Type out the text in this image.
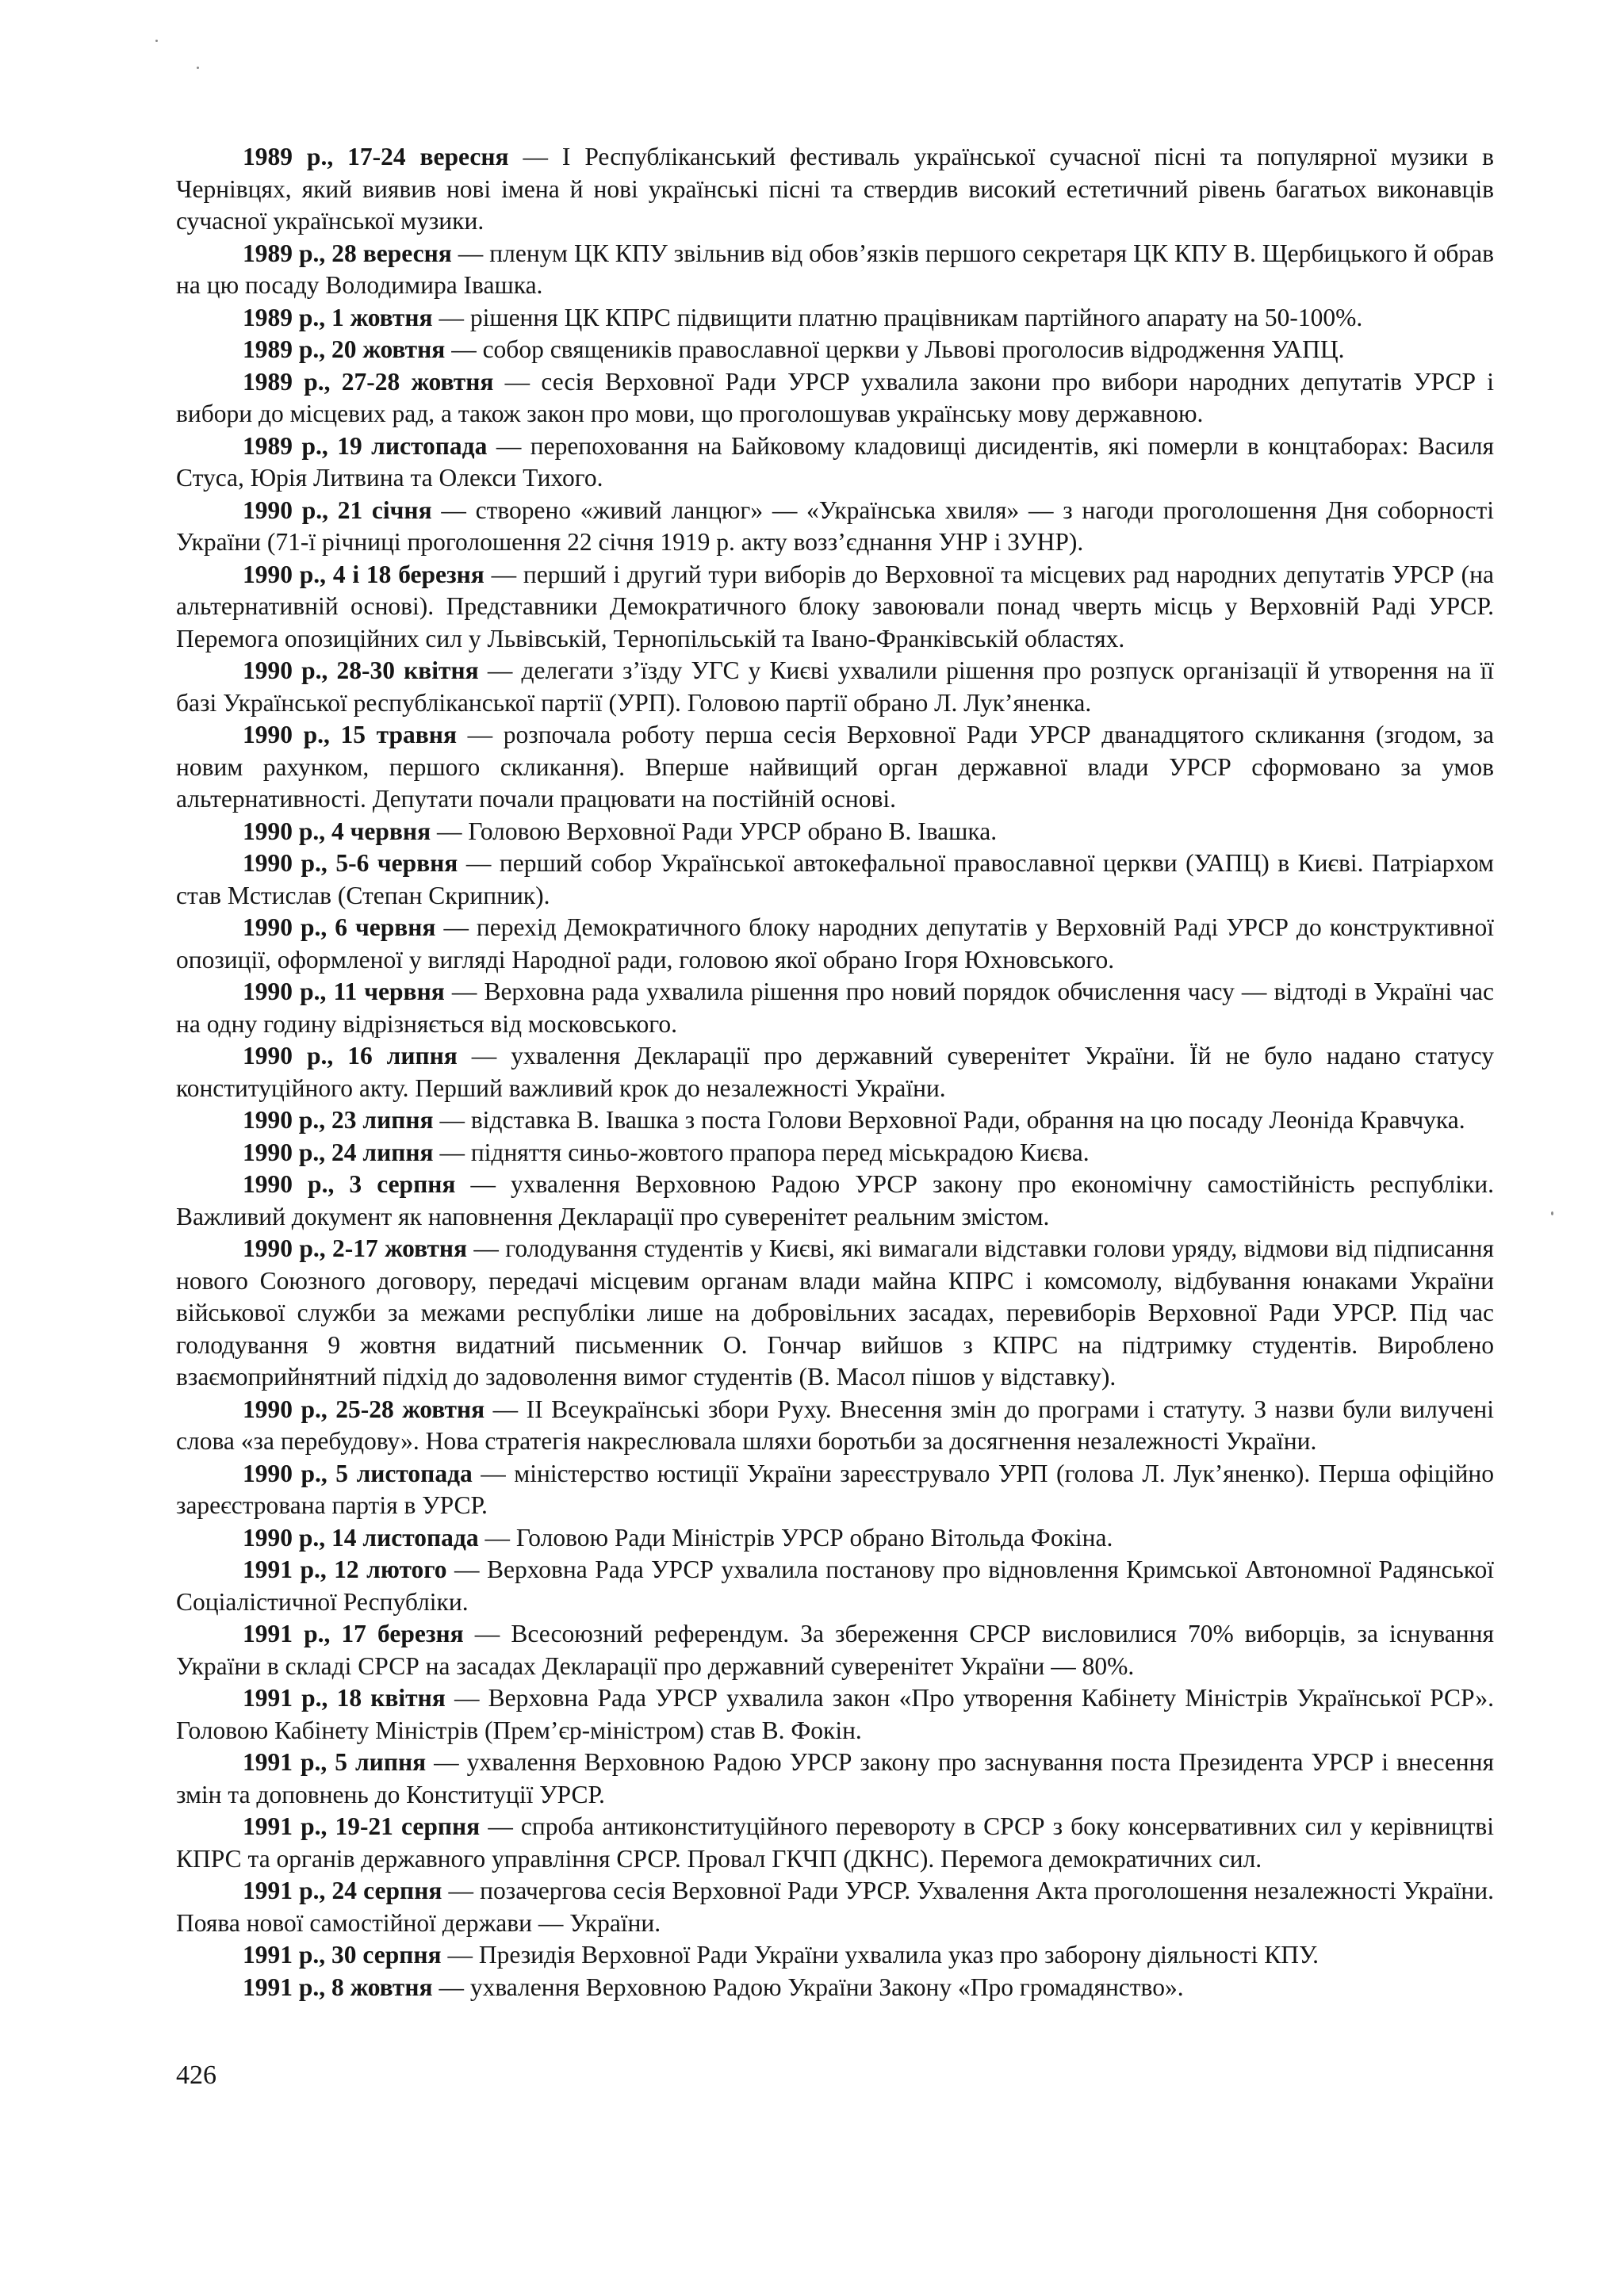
1989 р., 17-24 вересня — I Республіканський фестиваль української сучасної пісні та популярної музики в Чернівцях, який виявив нові імена й нові українські пісні та ствердив високий естетичний рівень багатьох виконавців сучасної української музики.

1989 р., 28 вересня — пленум ЦК КПУ звільнив від обов’язків першого секретаря ЦК КПУ В. Щербицького й обрав на цю посаду Володимира Івашка.

1989 р., 1 жовтня — рішення ЦК КПРС підвищити платню працівникам партійного апарату на 50-100%.

1989 р., 20 жовтня — собор священиків православної церкви у Львові проголосив відродження УАПЦ.

1989 р., 27-28 жовтня — сесія Верховної Ради УРСР ухвалила закони про вибори народних депутатів УРСР і вибори до місцевих рад, а також закон про мови, що проголошував українську мову державною.

1989 р., 19 листопада — перепоховання на Байковому кладовищі дисидентів, які померли в концтаборах: Василя Стуса, Юрія Литвина та Олекси Тихого.

1990 р., 21 січня — створено «живий ланцюг» — «Українська хвиля» — з нагоди проголошення Дня соборності України (71-ї річниці проголошення 22 січня 1919 р. акту возз’єднання УНР і ЗУНР).

1990 р., 4 і 18 березня — перший і другий тури виборів до Верховної та місцевих рад народних депутатів УРСР (на альтернативній основі). Представники Демократичного блоку завоювали понад чверть місць у Верховній Раді УРСР. Перемога опозиційних сил у Львівській, Тернопільській та Івано-Франківській областях.

1990 р., 28-30 квітня — делегати з’їзду УГС у Києві ухвалили рішення про розпуск організації й утворення на її базі Української республіканської партії (УРП). Головою партії обрано Л. Лук’яненка.

1990 р., 15 травня — розпочала роботу перша сесія Верховної Ради УРСР дванадцятого скликання (згодом, за новим рахунком, першого скликання). Вперше найвищий орган державної влади УРСР сформовано за умов альтернативності. Депутати почали працювати на постійній основі.

1990 р., 4 червня — Головою Верховної Ради УРСР обрано В. Івашка.

1990 р., 5-6 червня — перший собор Української автокефальної православної церкви (УАПЦ) в Києві. Патріархом став Мстислав (Степан Скрипник).

1990 р., 6 червня — перехід Демократичного блоку народних депутатів у Верховній Раді УРСР до конструктивної опозиції, оформленої у вигляді Народної ради, головою якої обрано Ігоря Юхновського.

1990 р., 11 червня — Верховна рада ухвалила рішення про новий порядок обчислення часу — відтоді в Україні час на одну годину відрізняється від московського.

1990 р., 16 липня — ухвалення Декларації про державний суверенітет України. Їй не було надано статусу конституційного акту. Перший важливий крок до незалежності України.

1990 р., 23 липня — відставка В. Івашка з поста Голови Верховної Ради, обрання на цю посаду Леоніда Кравчука.

1990 р., 24 липня — підняття синьо-жовтого прапора перед міськрадою Києва.

1990 р., 3 серпня — ухвалення Верховною Радою УРСР закону про економічну самостійність республіки. Важливий документ як наповнення Декларації про суверенітет реальним змістом.

1990 р., 2-17 жовтня — голодування студентів у Києві, які вимагали відставки голови уряду, відмови від підписання нового Союзного договору, передачі місцевим органам влади майна КПРС і комсомолу, відбування юнаками України військової служби за межами республіки лише на добровільних засадах, перевиборів Верховної Ради УРСР. Під час голодування 9 жовтня видатний письменник О. Гончар вийшов з КПРС на підтримку студентів. Вироблено взаємоприйнятний підхід до задоволення вимог студентів (В. Масол пішов у відставку).

1990 р., 25-28 жовтня — II Всеукраїнські збори Руху. Внесення змін до програми і статуту. З назви були вилучені слова «за перебудову». Нова стратегія накреслювала шляхи боротьби за досягнення незалежності України.

1990 р., 5 листопада — міністерство юстиції України зареєструвало УРП (голова Л. Лук’яненко). Перша офіційно зареєстрована партія в УРСР.

1990 р., 14 листопада — Головою Ради Міністрів УРСР обрано Вітольда Фокіна.

1991 р., 12 лютого — Верховна Рада УРСР ухвалила постанову про відновлення Кримської Автономної Радянської Соціалістичної Республіки.

1991 р., 17 березня — Всесоюзний референдум. За збереження СРСР висловилися 70% виборців, за існування України в складі СРСР на засадах Декларації про державний суверенітет України — 80%.

1991 р., 18 квітня — Верховна Рада УРСР ухвалила закон «Про утворення Кабінету Міністрів Української РСР». Головою Кабінету Міністрів (Прем’єр-міністром) став В. Фокін.

1991 р., 5 липня — ухвалення Верховною Радою УРСР закону про заснування поста Президента УРСР і внесення змін та доповнень до Конституції УРСР.

1991 р., 19-21 серпня — спроба антиконституційного перевороту в СРСР з боку консервативних сил у керівництві КПРС та органів державного управління СРСР. Провал ГКЧП (ДКНС). Перемога демократичних сил.

1991 р., 24 серпня — позачергова сесія Верховної Ради УРСР. Ухвалення Акта проголошення незалежності України. Поява нової самостійної держави — України.

1991 р., 30 серпня — Президія Верховної Ради України ухвалила указ про заборону діяльності КПУ.

1991 р., 8 жовтня — ухвалення Верховною Радою України Закону «Про громадянство».

426
